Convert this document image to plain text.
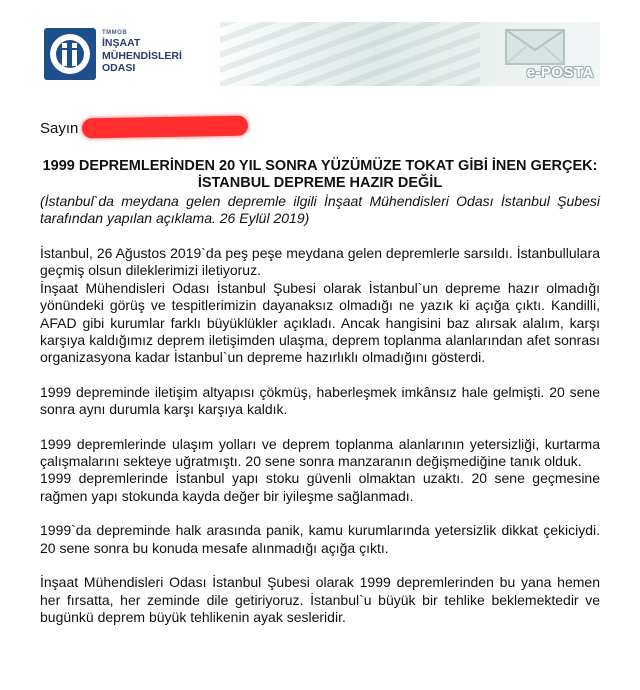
TMMOB
İNŞAAT
MÜHENDİSLERİ
ODASI	e-POSTA
Sayın
1999 DEPREMLERİNDEN 20 YIL SONRA YÜZÜMÜZE TOKAT GİBİ İNEN GERÇEK:
İSTANBUL DEPREME HAZIR DEĞİL
(İstanbul`da meydana gelen depremle ilgili İnşaat Mühendisleri Odası İstanbul Şubesi tarafından yapılan açıklama. 26 Eylül 2019)

İstanbul, 26 Ağustos 2019`da peş peşe meydana gelen depremlerle sarsıldı. İstanbullulara geçmiş olsun dileklerimizi iletiyoruz.

İnşaat Mühendisleri Odası İstanbul Şubesi olarak İstanbul`un depreme hazır olmadığı yönündeki görüş ve tespitlerimizin dayanaksız olmadığı ne yazık ki açığa çıktı. Kandilli, AFAD gibi kurumlar farklı büyüklükler açıkladı. Ancak hangisini baz alırsak alalım, karşı karşıya kaldığımız deprem iletişimden ulaşma, deprem toplanma alanlarından afet sonrası organizasyona kadar İstanbul`un depreme hazırlıklı olmadığını gösterdi.

1999 depreminde iletişim altyapısı çökmüş, haberleşmek imkânsız hale gelmişti. 20 sene sonra aynı durumla karşı karşıya kaldık.

1999 depremlerinde ulaşım yolları ve deprem toplanma alanlarının yetersizliği, kurtarma çalışmalarını sekteye uğratmıştı. 20 sene sonra manzaranın değişmediğine tanık olduk.

1999 depremlerinde İstanbul yapı stoku güvenli olmaktan uzaktı. 20 sene geçmesine rağmen yapı stokunda kayda değer bir iyileşme sağlanmadı.

1999`da depreminde halk arasında panik, kamu kurumlarında yetersizlik dikkat çekiciydi. 20 sene sonra bu konuda mesafe alınmadığı açığa çıktı.

İnşaat Mühendisleri Odası İstanbul Şubesi olarak 1999 depremlerinden bu yana hemen her fırsatta, her zeminde dile getiriyoruz. İstanbul`u büyük bir tehlike beklemektedir ve bugünkü deprem büyük tehlikenin ayak sesleridir.
